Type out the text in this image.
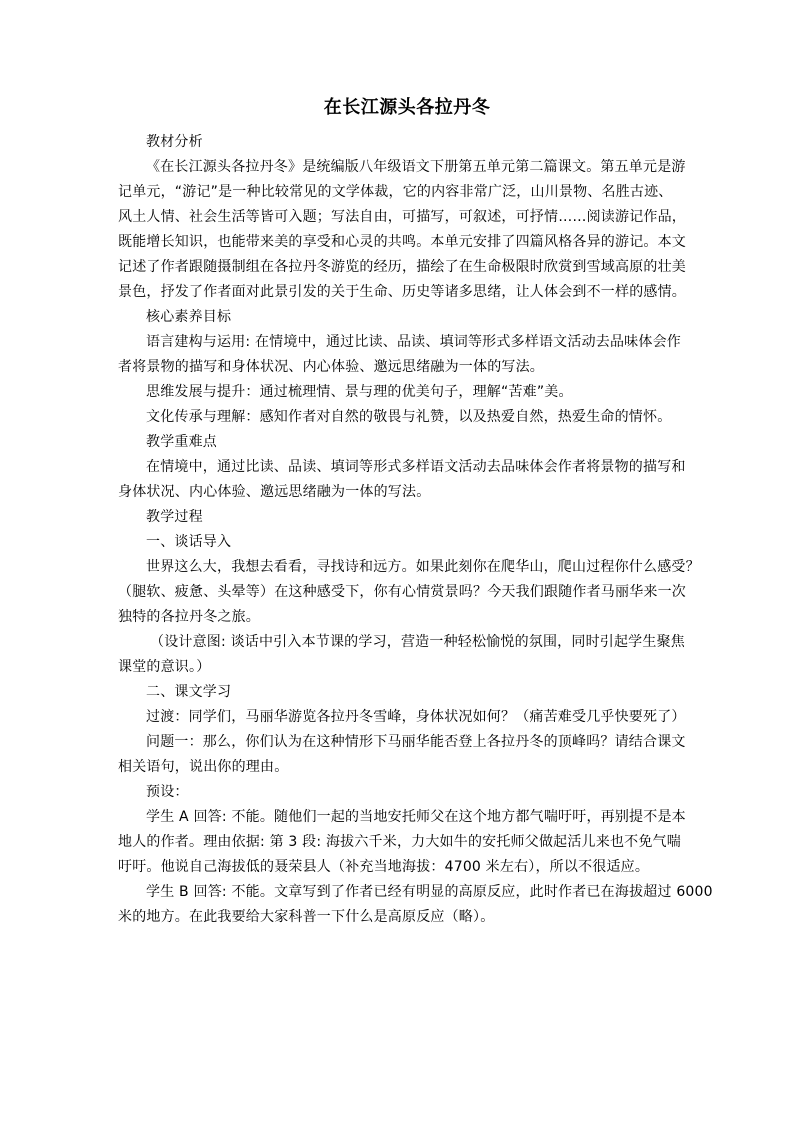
在长江源头各拉丹冬

教材分析

《在长江源头各拉丹冬》是统编版八年级语文下册第五单元第二篇课文。第五单元是游

记单元，“游记”是一种比较常见的文学体裁，它的内容非常广泛，山川景物、名胜古迹、

风土人情、社会生活等皆可入题；写法自由，可描写，可叙述，可抒情……阅读游记作品，

既能增长知识，也能带来美的享受和心灵的共鸣。本单元安排了四篇风格各异的游记。本文

记述了作者跟随摄制组在各拉丹冬游览的经历，描绘了在生命极限时欣赏到雪域高原的壮美

景色，抒发了作者面对此景引发的关于生命、历史等诸多思绪，让人体会到不一样的感情。

核心素养目标

语言建构与运用: 在情境中，通过比读、品读、填词等形式多样语文活动去品味体会作

者将景物的描写和身体状况、内心体验、邀远思绪融为一体的写法。

思维发展与提升：通过梳理情、景与理的优美句子，理解“苦难”美。

文化传承与理解：感知作者对自然的敬畏与礼赞，以及热爱自然，热爱生命的情怀。

教学重难点

在情境中，通过比读、品读、填词等形式多样语文活动去品味体会作者将景物的描写和

身体状况、内心体验、邀远思绪融为一体的写法。

教学过程

一、谈话导入

世界这么大，我想去看看，寻找诗和远方。如果此刻你在爬华山，爬山过程你什么感受？

（腿软、疲惫、头晕等）在这种感受下，你有心情赏景吗？今天我们跟随作者马丽华来一次

独特的各拉丹冬之旅。

（设计意图: 谈话中引入本节课的学习，营造一种轻松愉悦的氛围，同时引起学生聚焦

课堂的意识。）

二、课文学习

过渡：同学们，马丽华游览各拉丹冬雪峰，身体状况如何？（痛苦难受几乎快要死了）

问题一：那么，你们认为在这种情形下马丽华能否登上各拉丹冬的顶峰吗？请结合课文

相关语句，说出你的理由。

预设：

学生 A 回答: 不能。随他们一起的当地安托师父在这个地方都气喘吁吁，再别提不是本

地人的作者。理由依据: 第 3 段: 海拔六千米，力大如牛的安托师父做起活儿来也不免气喘

吁吁。他说自己海拔低的聂荣县人（补充当地海拔：4700 米左右），所以不很适应。

学生 B 回答: 不能。文章写到了作者已经有明显的高原反应，此时作者已在海拔超过 6000

米的地方。在此我要给大家科普一下什么是高原反应（略）。
